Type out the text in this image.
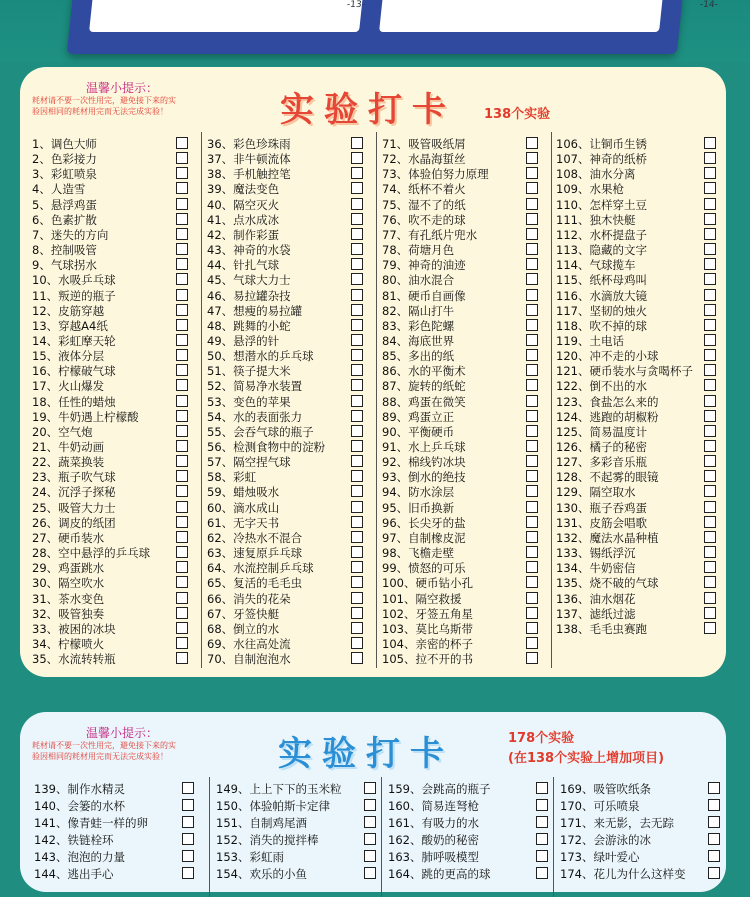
-13-	-14-
温馨小提示：
耗材请不要一次性用完，避免接下来的实
验因相同的耗材用完而无法完成实验！	实验打卡 138个实验
1、调色大师
2、色彩接力
3、彩虹喷泉
4、人造雪
5、悬浮鸡蛋
6、色素扩散
7、迷失的方向
8、控制吸管
9、气球拐水
10、水吸乒乓球
11、叛逆的瓶子
12、皮筋穿越
13、穿越A4纸
14、彩虹摩天轮
15、液体分层
16、柠檬破气球
17、火山爆发
18、任性的蜡烛
19、牛奶遇上柠檬酸
20、空气炮
21、牛奶动画
22、蔬菜换装
23、瓶子吹气球
24、沉浮子探秘
25、吸管大力士
26、调皮的纸团
27、硬币装水
28、空中悬浮的乒乓球
29、鸡蛋跳水
30、隔空吹水
31、茶水变色
32、吸管独奏
33、被困的冰块
34、柠檬喷火
35、水流转转瓶
36、彩色珍珠雨
37、非牛顿流体
38、手机触控笔
39、魔法变色
40、隔空灭火
41、点水成冰
42、制作彩蛋
43、神奇的水袋
44、针扎气球
45、气球大力士
46、易拉罐杂技
47、想瘦的易拉罐
48、跳舞的小蛇
49、悬浮的针
50、想潜水的乒乓球
51、筷子提大米
52、简易净水装置
53、变色的苹果
54、水的表面张力
55、会吞气球的瓶子
56、检测食物中的淀粉
57、隔空捏气球
58、彩虹
59、蜡烛吸水
60、滴水成山
61、无字天书
62、冷热水不混合
63、速复原乒乓球
64、水流控制乒乓球
65、复活的毛毛虫
66、消失的花朵
67、牙签快艇
68、倒立的水
69、水往高处流
70、自制泡泡水
71、吸管吸纸屑
72、水晶海蜇丝
73、体验伯努力原理
74、纸杯不着火
75、湿不了的纸
76、吹不走的球
77、有孔纸片兜水
78、荷塘月色
79、神奇的油迹
80、油水混合
81、硬币自画像
82、隔山打牛
83、彩色陀螺
84、海底世界
85、多出的纸
86、水的平衡术
87、旋转的纸蛇
88、鸡蛋在微笑
89、鸡蛋立正
90、平衡硬币
91、水上乒乓球
92、棉线钓冰块
93、倒水的绝技
94、防水涂层
95、旧币换新
96、长尖牙的盐
97、自制橡皮泥
98、飞檐走壁
99、愤怒的可乐
100、硬币钻小孔
101、隔空救援
102、牙签五角星
103、莫比乌斯带
104、亲密的杯子
105、拉不开的书
106、让铜币生锈
107、神奇的纸桥
108、油水分离
109、水果枪
110、怎样穿土豆
111、独木快艇
112、水杯提盘子
113、隐藏的文字
114、气球揽车
115、纸杯母鸡叫
116、水滴放大镜
117、坚韧的烛火
118、吹不掉的球
119、土电话
120、冲不走的小球
121、硬币装水与贪喝杯子
122、倒不出的水
123、食盐怎么来的
124、逃跑的胡椒粉
125、简易温度计
126、橘子的秘密
127、多彩音乐瓶
128、不起雾的眼镜
129、隔空取水
130、瓶子吞鸡蛋
131、皮筋会唱歌
132、魔法水晶种植
133、锡纸浮沉
134、牛奶密信
135、烧不破的气球
136、油水烟花
137、滤纸过滤
138、毛毛虫赛跑
温馨小提示：
耗材请不要一次性用完，避免接下来的实
验因相同的耗材用完而无法完成实验！	实验打卡	178个实验
(在138个实验上增加项目)
139、制作水精灵
140、会篓的水杯
141、像青蛙一样的卵
142、铁链栓环
143、泡泡的力量
144、逃出手心
149、上上下下的玉米粒
150、体验帕斯卡定律
151、自制鸡尾酒
152、消失的搅拌棒
153、彩虹雨
154、欢乐的小鱼
159、会跳高的瓶子
160、简易连弩枪
161、有吸力的水
162、酸奶的秘密
163、肺呼吸模型
164、跳的更高的球
169、吸管吹纸条
170、可乐喷泉
171、来无影，去无踪
172、会游泳的冰
173、绿叶爱心
174、花儿为什么这样变
